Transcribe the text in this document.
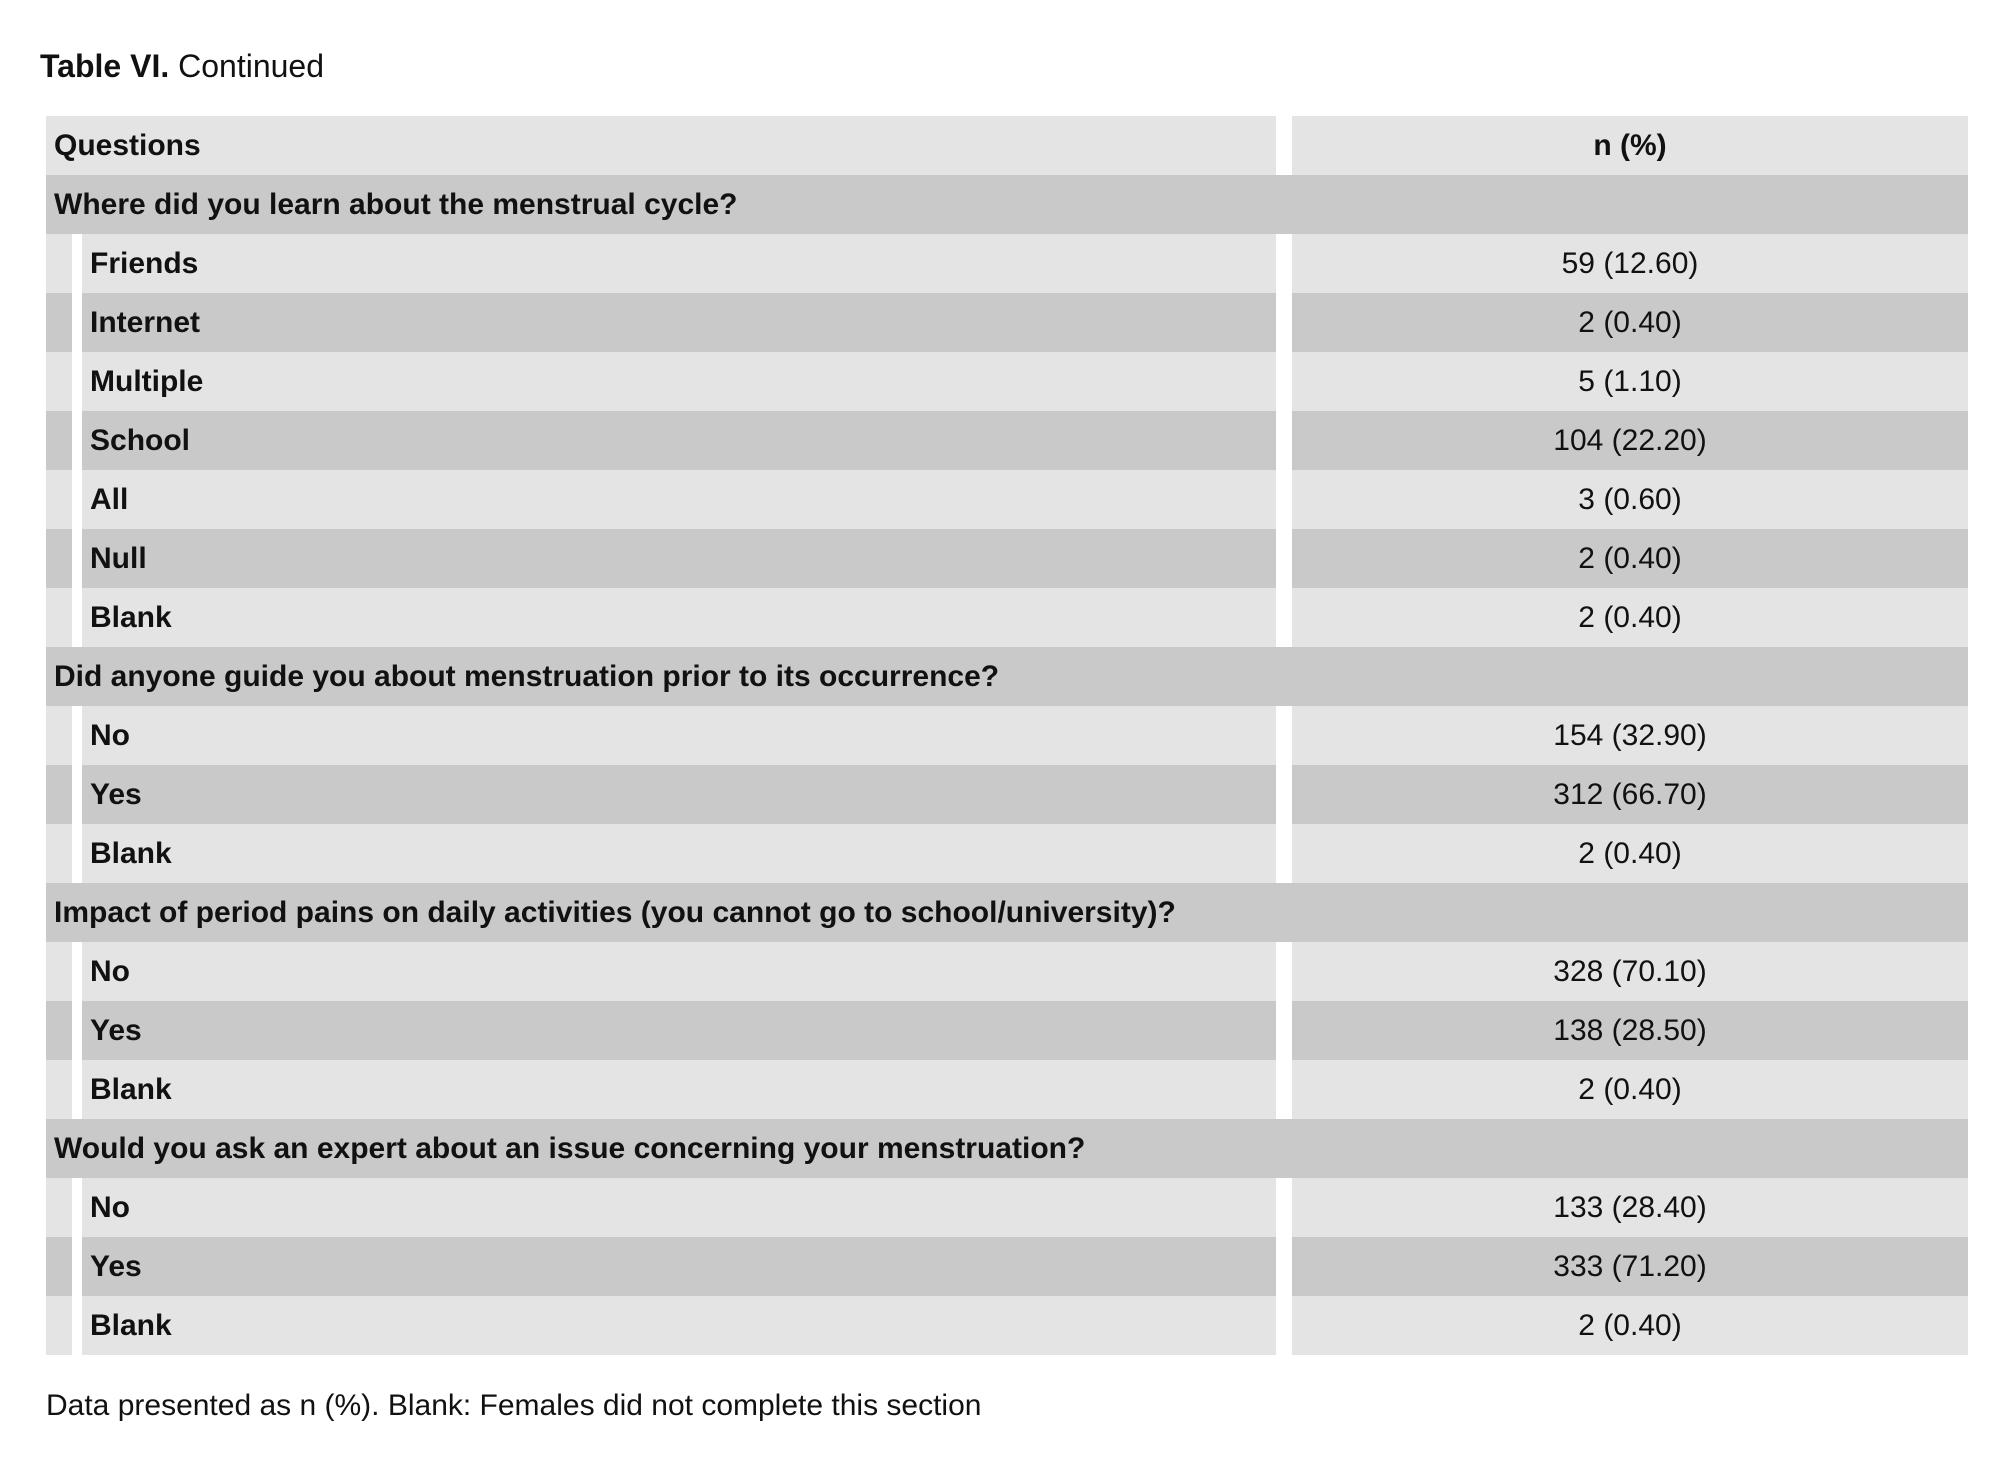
Table VI. Continued
Questions	n (%)
Where did you learn about the menstrual cycle?
Friends	59 (12.60)
Internet	2 (0.40)
Multiple	5 (1.10)
School	104 (22.20)
All	3 (0.60)
Null	2 (0.40)
Blank	2 (0.40)
Did anyone guide you about menstruation prior to its occurrence?
No	154 (32.90)
Yes	312 (66.70)
Blank	2 (0.40)
Impact of period pains on daily activities (you cannot go to school/university)?
No	328 (70.10)
Yes	138 (28.50)
Blank	2 (0.40)
Would you ask an expert about an issue concerning your menstruation?
No	133 (28.40)
Yes	333 (71.20)
Blank	2 (0.40)
Data presented as n (%). Blank: Females did not complete this section
